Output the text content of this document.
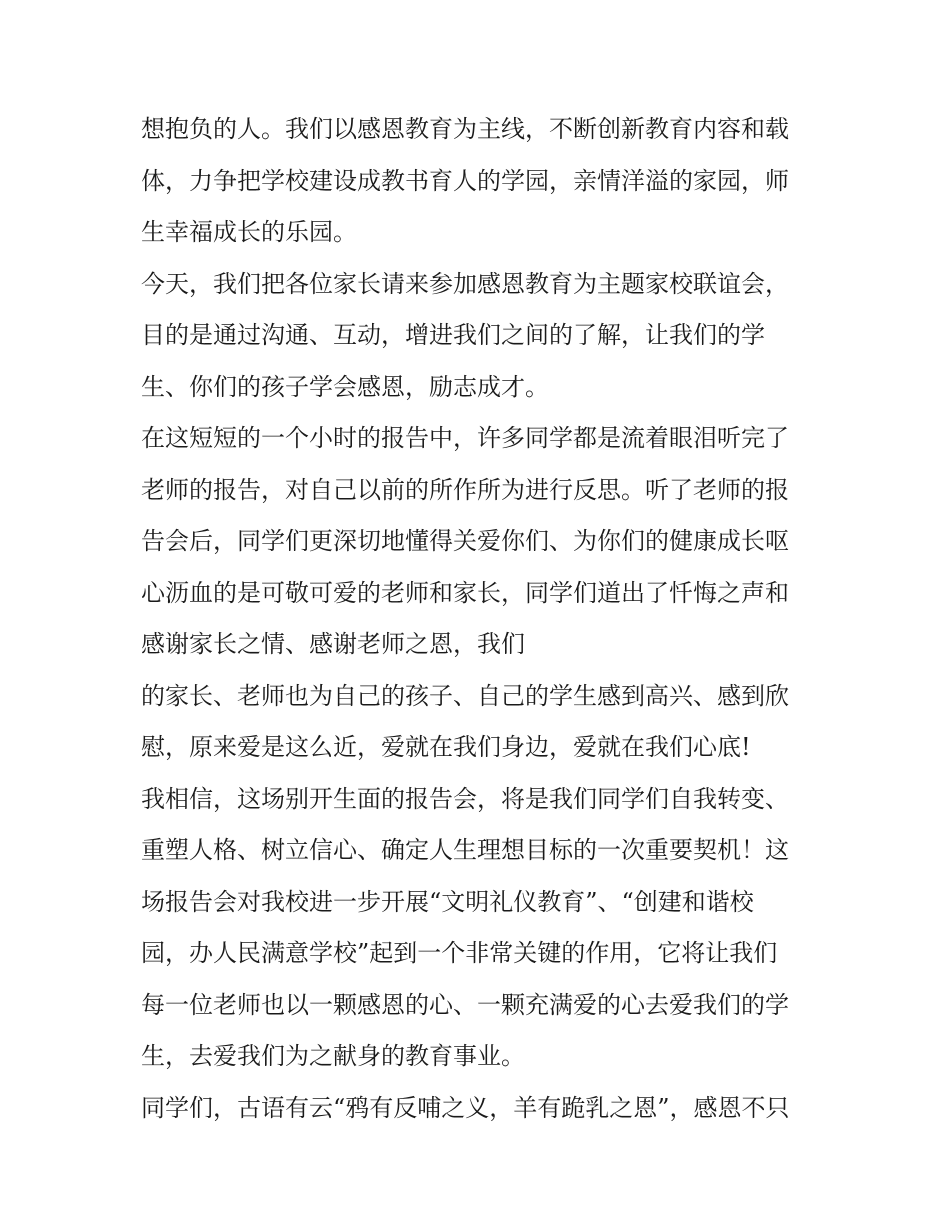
想抱负的人。我们以感恩教育为主线，不断创新教育内容和载
体，力争把学校建设成教书育人的学园，亲情洋溢的家园，师
生幸福成长的乐园。
今天，我们把各位家长请来参加感恩教育为主题家校联谊会，
目的是通过沟通、互动，增进我们之间的了解，让我们的学
生、你们的孩子学会感恩，励志成才。
在这短短的一个小时的报告中，许多同学都是流着眼泪听完了
老师的报告，对自己以前的所作所为进行反思。听了老师的报
告会后，同学们更深切地懂得关爱你们、为你们的健康成长呕
心沥血的是可敬可爱的老师和家长，同学们道出了忏悔之声和
感谢家长之情、感谢老师之恩，我们
的家长、老师也为自己的孩子、自己的学生感到高兴、感到欣
慰，原来爱是这么近，爱就在我们身边，爱就在我们心底!
我相信，这场别开生面的报告会，将是我们同学们自我转变、
重塑人格、树立信心、确定人生理想目标的一次重要契机！这
场报告会对我校进一步开展“文明礼仪教育”、“创建和谐校
园，办人民满意学校”起到一个非常关键的作用，它将让我们
每一位老师也以一颗感恩的心、一颗充满爱的心去爱我们的学
生，去爱我们为之献身的教育事业。
同学们，古语有云“鸦有反哺之义，羊有跪乳之恩”，感恩不只
